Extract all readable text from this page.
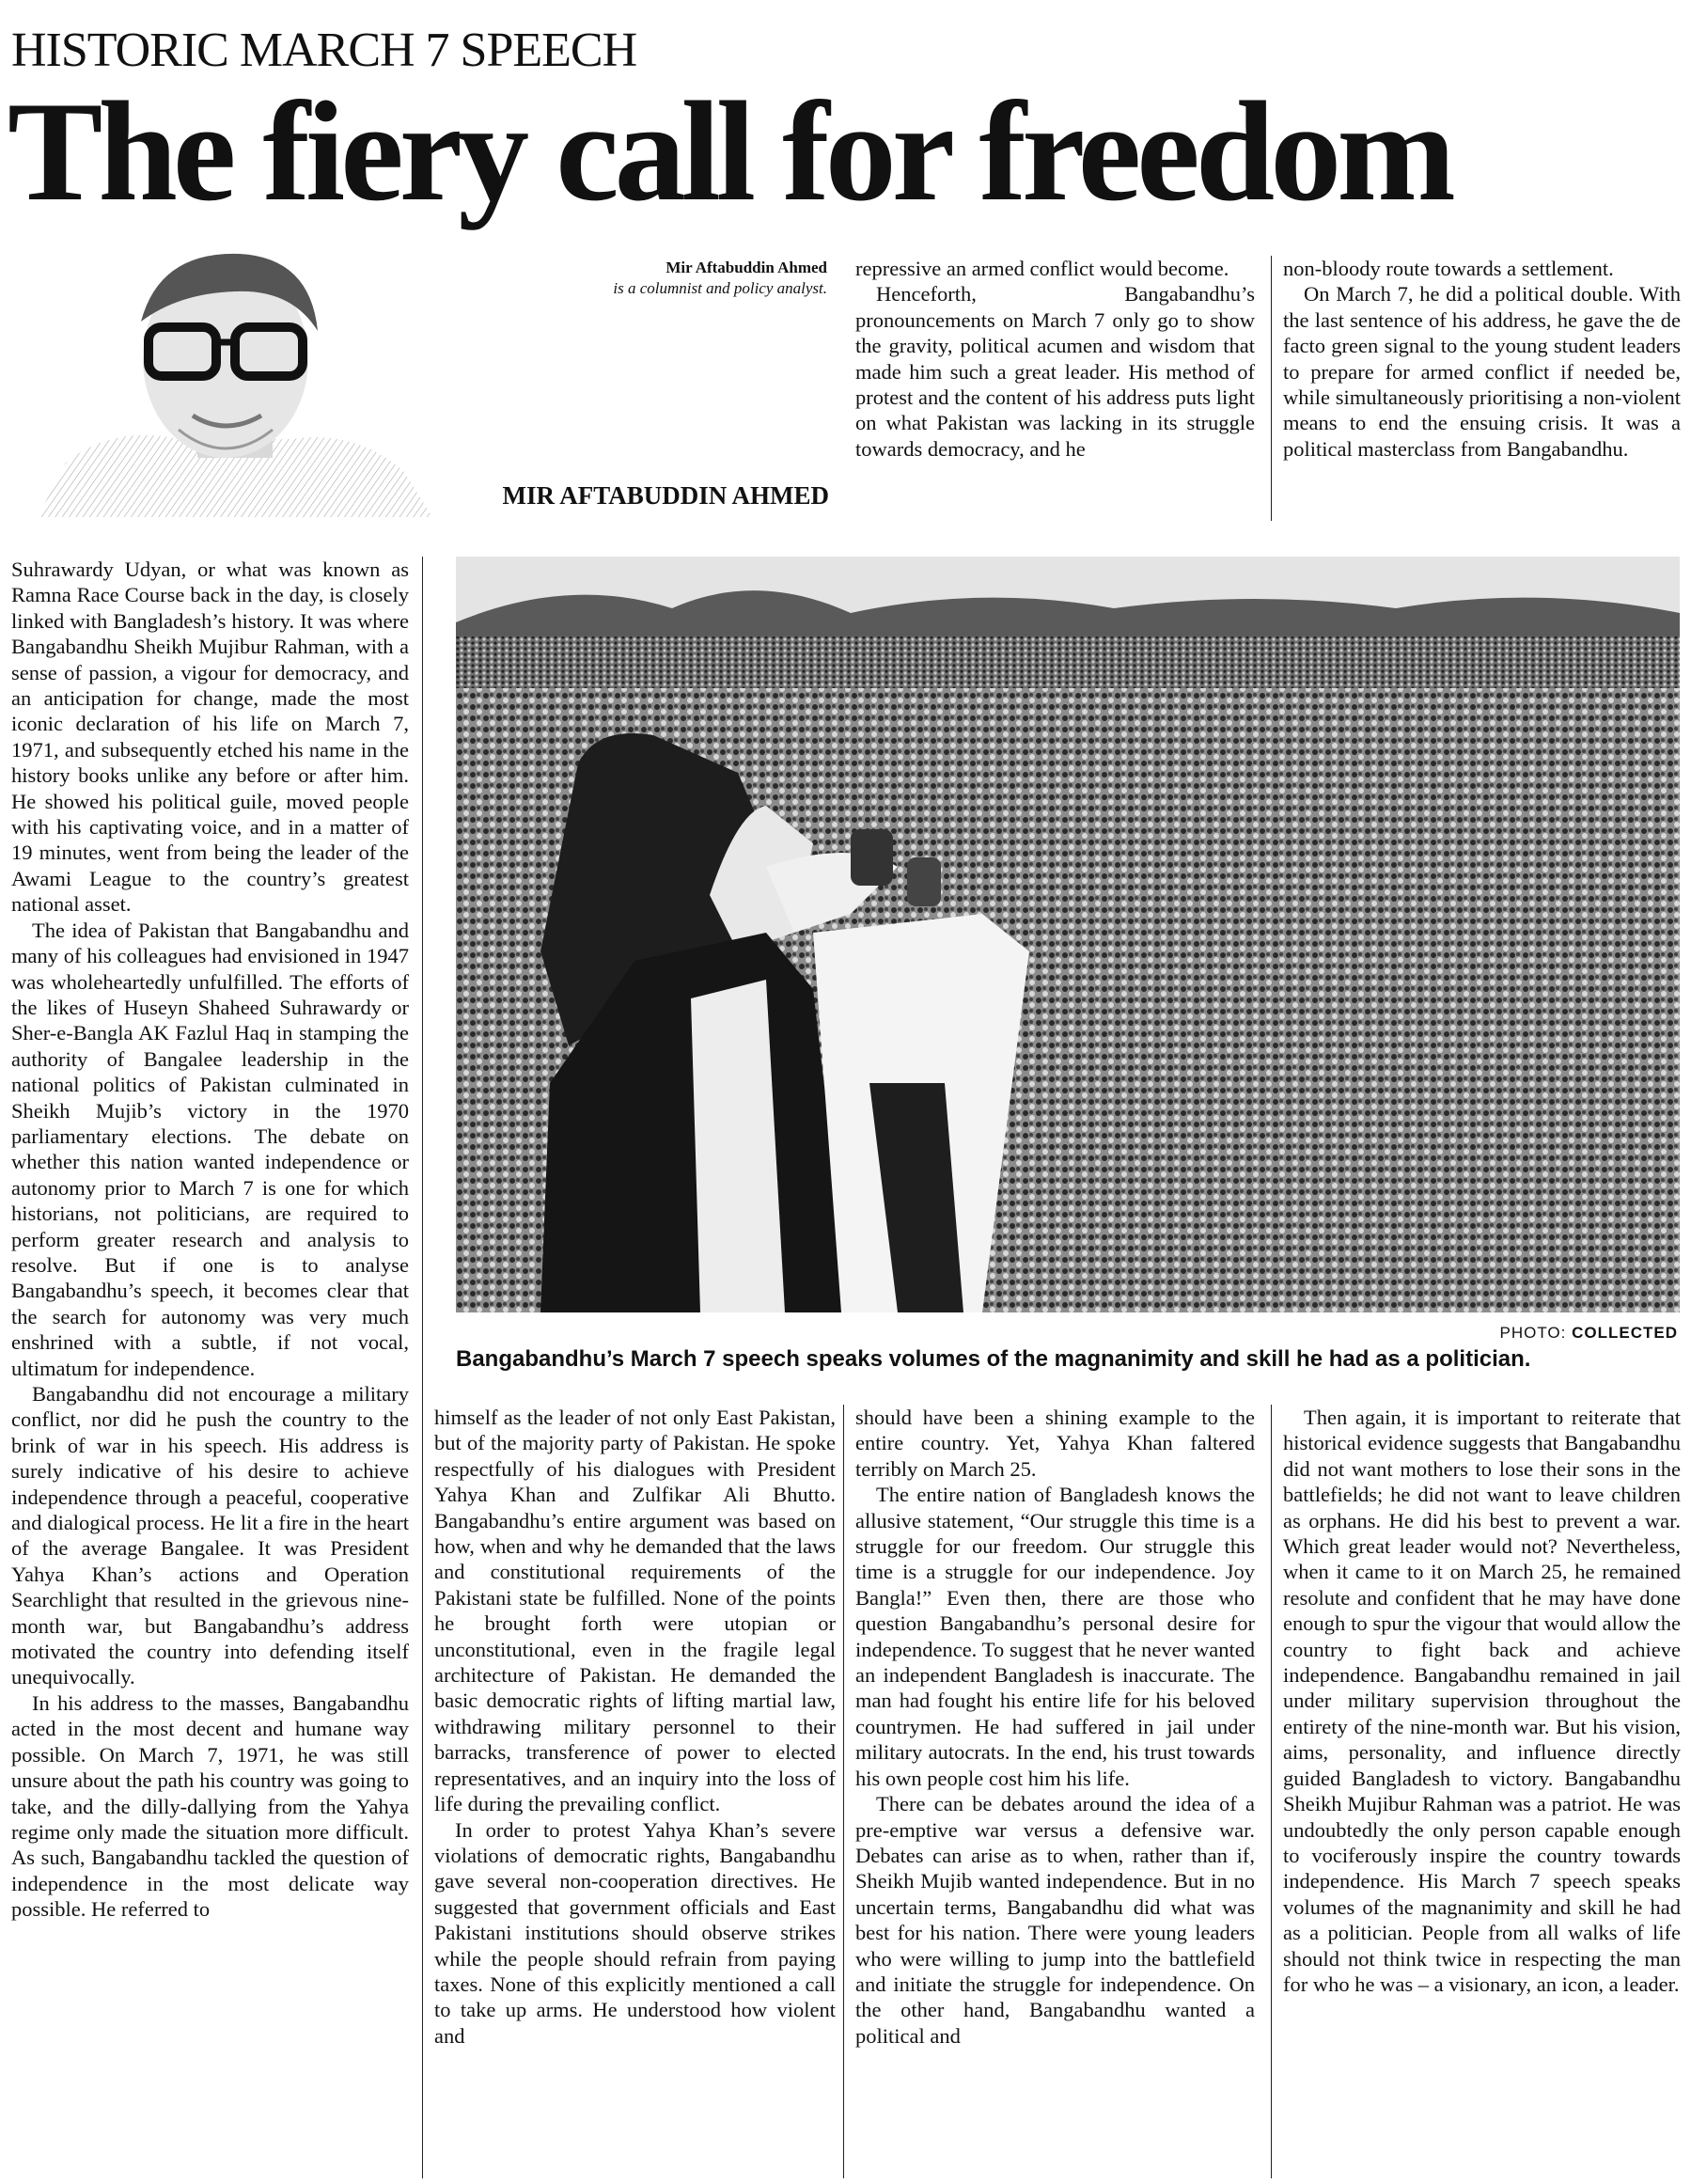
HISTORIC MARCH 7 SPEECH
The fiery call for freedom
Mir Aftabuddin Ahmed
is a columnist and policy analyst.
MIR AFTABUDDIN AHMED

repressive an armed conflict would become.

Henceforth, Bangabandhu’s pronouncements on March 7 only go to show the gravity, political acumen and wisdom that made him such a great leader. His method of protest and the content of his address puts light on what Pakistan was lacking in its struggle towards democracy, and he

non-bloody route towards a settlement.

On March 7, he did a political double. With the last sentence of his address, he gave the de facto green signal to the young student leaders to prepare for armed conflict if needed be, while simultaneously prioritising a non-violent means to end the ensuing crisis. It was a political masterclass from Bangabandhu.

Suhrawardy Udyan, or what was known as Ramna Race Course back in the day, is closely linked with Bangladesh’s history. It was where Bangabandhu Sheikh Mujibur Rahman, with a sense of passion, a vigour for democracy, and an anticipation for change, made the most iconic declaration of his life on March 7, 1971, and subsequently etched his name in the history books unlike any before or after him. He showed his political guile, moved people with his captivating voice, and in a matter of 19 minutes, went from being the leader of the Awami League to the country’s greatest national asset.

The idea of Pakistan that Bangabandhu and many of his colleagues had envisioned in 1947 was wholeheartedly unfulfilled. The efforts of the likes of Huseyn Shaheed Suhrawardy or Sher-e-Bangla AK Fazlul Haq in stamping the authority of Bangalee leadership in the national politics of Pakistan culminated in Sheikh Mujib’s victory in the 1970 parliamentary elections. The debate on whether this nation wanted independence or autonomy prior to March 7 is one for which historians, not politicians, are required to perform greater research and analysis to resolve. But if one is to analyse Bangabandhu’s speech, it becomes clear that the search for autonomy was very much enshrined with a subtle, if not vocal, ultimatum for independence.

Bangabandhu did not encourage a military conflict, nor did he push the country to the brink of war in his speech. His address is surely indicative of his desire to achieve independence through a peaceful, cooperative and dialogical process. He lit a fire in the heart of the average Bangalee. It was President Yahya Khan’s actions and Operation Searchlight that resulted in the grievous nine-month war, but Bangabandhu’s address motivated the country into defending itself unequivocally.

In his address to the masses, Bangabandhu acted in the most decent and humane way possible. On March 7, 1971, he was still unsure about the path his country was going to take, and the dilly-dallying from the Yahya regime only made the situation more difficult. As such, Bangabandhu tackled the question of independence in the most delicate way possible. He referred to

PHOTO: COLLECTED
Bangabandhu’s March 7 speech speaks volumes of the magnanimity and skill he had as a politician.

himself as the leader of not only East Pakistan, but of the majority party of Pakistan. He spoke respectfully of his dialogues with President Yahya Khan and Zulfikar Ali Bhutto. Bangabandhu’s entire argument was based on how, when and why he demanded that the laws and constitutional requirements of the Pakistani state be fulfilled. None of the points he brought forth were utopian or unconstitutional, even in the fragile legal architecture of Pakistan. He demanded the basic democratic rights of lifting martial law, withdrawing military personnel to their barracks, transference of power to elected representatives, and an inquiry into the loss of life during the prevailing conflict.

In order to protest Yahya Khan’s severe violations of democratic rights, Bangabandhu gave several non-cooperation directives. He suggested that government officials and East Pakistani institutions should observe strikes while the people should refrain from paying taxes. None of this explicitly mentioned a call to take up arms. He understood how violent and

should have been a shining example to the entire country. Yet, Yahya Khan faltered terribly on March 25.

The entire nation of Bangladesh knows the allusive statement, “Our struggle this time is a struggle for our freedom. Our struggle this time is a struggle for our independence. Joy Bangla!” Even then, there are those who question Bangabandhu’s personal desire for independence. To suggest that he never wanted an independent Bangladesh is inaccurate. The man had fought his entire life for his beloved countrymen. He had suffered in jail under military autocrats. In the end, his trust towards his own people cost him his life.

There can be debates around the idea of a pre-emptive war versus a defensive war. Debates can arise as to when, rather than if, Sheikh Mujib wanted independence. But in no uncertain terms, Bangabandhu did what was best for his nation. There were young leaders who were willing to jump into the battlefield and initiate the struggle for independence. On the other hand, Bangabandhu wanted a political and

Then again, it is important to reiterate that historical evidence suggests that Bangabandhu did not want mothers to lose their sons in the battlefields; he did not want to leave children as orphans. He did his best to prevent a war. Which great leader would not? Nevertheless, when it came to it on March 25, he remained resolute and confident that he may have done enough to spur the vigour that would allow the country to fight back and achieve independence. Bangabandhu remained in jail under military supervision throughout the entirety of the nine-month war. But his vision, aims, personality, and influence directly guided Bangladesh to victory. Bangabandhu Sheikh Mujibur Rahman was a patriot. He was undoubtedly the only person capable enough to vociferously inspire the country towards independence. His March 7 speech speaks volumes of the magnanimity and skill he had as a politician. People from all walks of life should not think twice in respecting the man for who he was – a visionary, an icon, a leader.
